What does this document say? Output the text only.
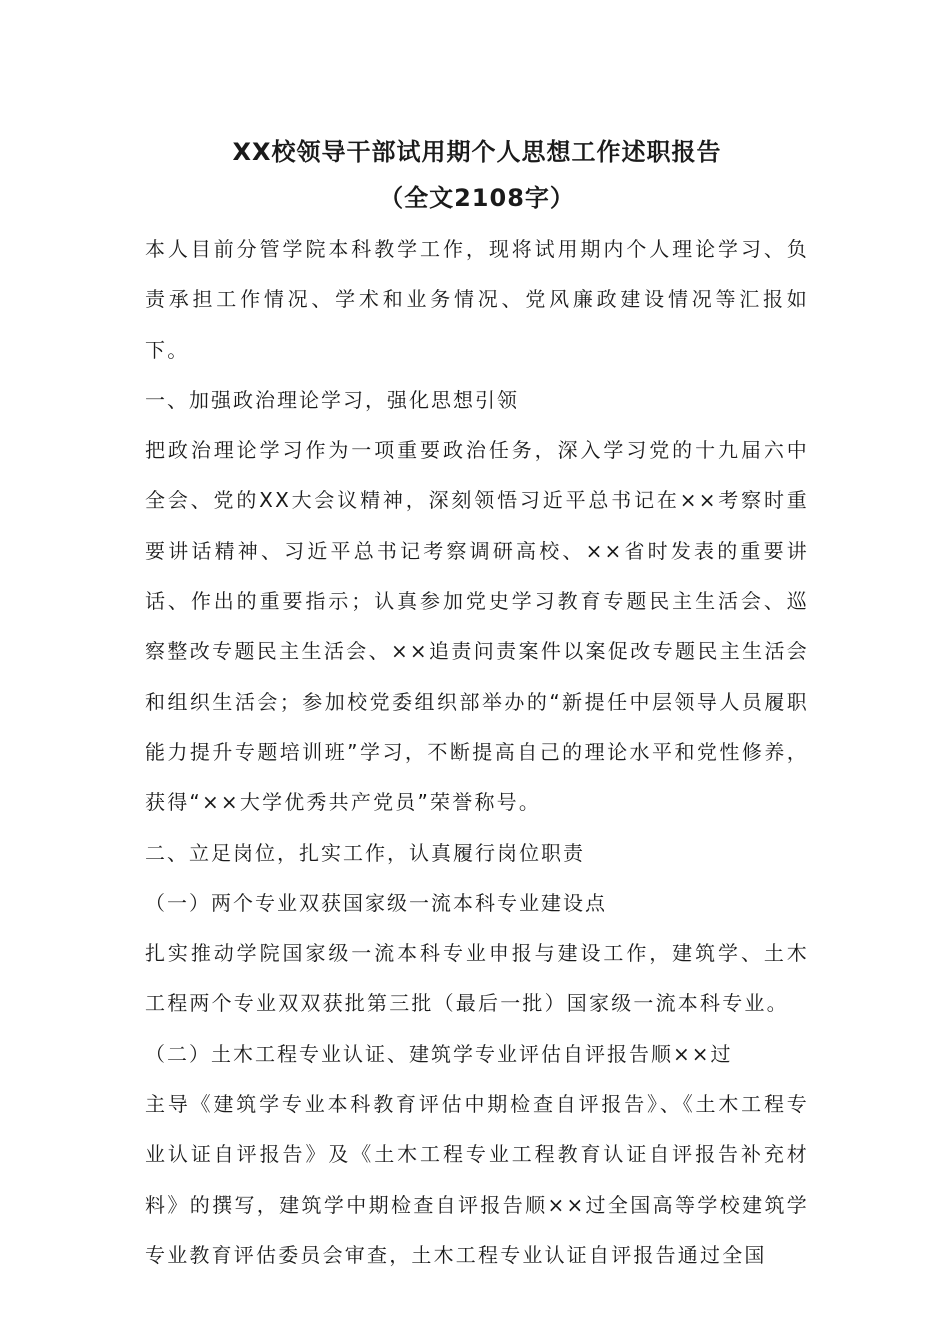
XX校领导干部试用期个人思想工作述职报告
（全文2108字）

本人目前分管学院本科教学工作，现将试用期内个人理论学习、负责承担工作情况、学术和业务情况、党风廉政建设情况等汇报如下。

一、加强政治理论学习，强化思想引领

把政治理论学习作为一项重要政治任务，深入学习党的十九届六中全会、党的XX大会议精神，深刻领悟习近平总书记在××考察时重要讲话精神、习近平总书记考察调研高校、××省时发表的重要讲话、作出的重要指示；认真参加党史学习教育专题民主生活会、巡察整改专题民主生活会、××追责问责案件以案促改专题民主生活会和组织生活会；参加校党委组织部举办的“新提任中层领导人员履职能力提升专题培训班”学习，不断提高自己的理论水平和党性修养，获得“××大学优秀共产党员”荣誉称号。

二、立足岗位，扎实工作，认真履行岗位职责

（一）两个专业双获国家级一流本科专业建设点

扎实推动学院国家级一流本科专业申报与建设工作，建筑学、土木工程两个专业双双获批第三批（最后一批）国家级一流本科专业。

（二）土木工程专业认证、建筑学专业评估自评报告顺××过

主导《建筑学专业本科教育评估中期检查自评报告》、《土木工程专业认证自评报告》及《土木工程专业工程教育认证自评报告补充材料》的撰写，建筑学中期检查自评报告顺××过全国高等学校建筑学专业教育评估委员会审查，土木工程专业认证自评报告通过全国
